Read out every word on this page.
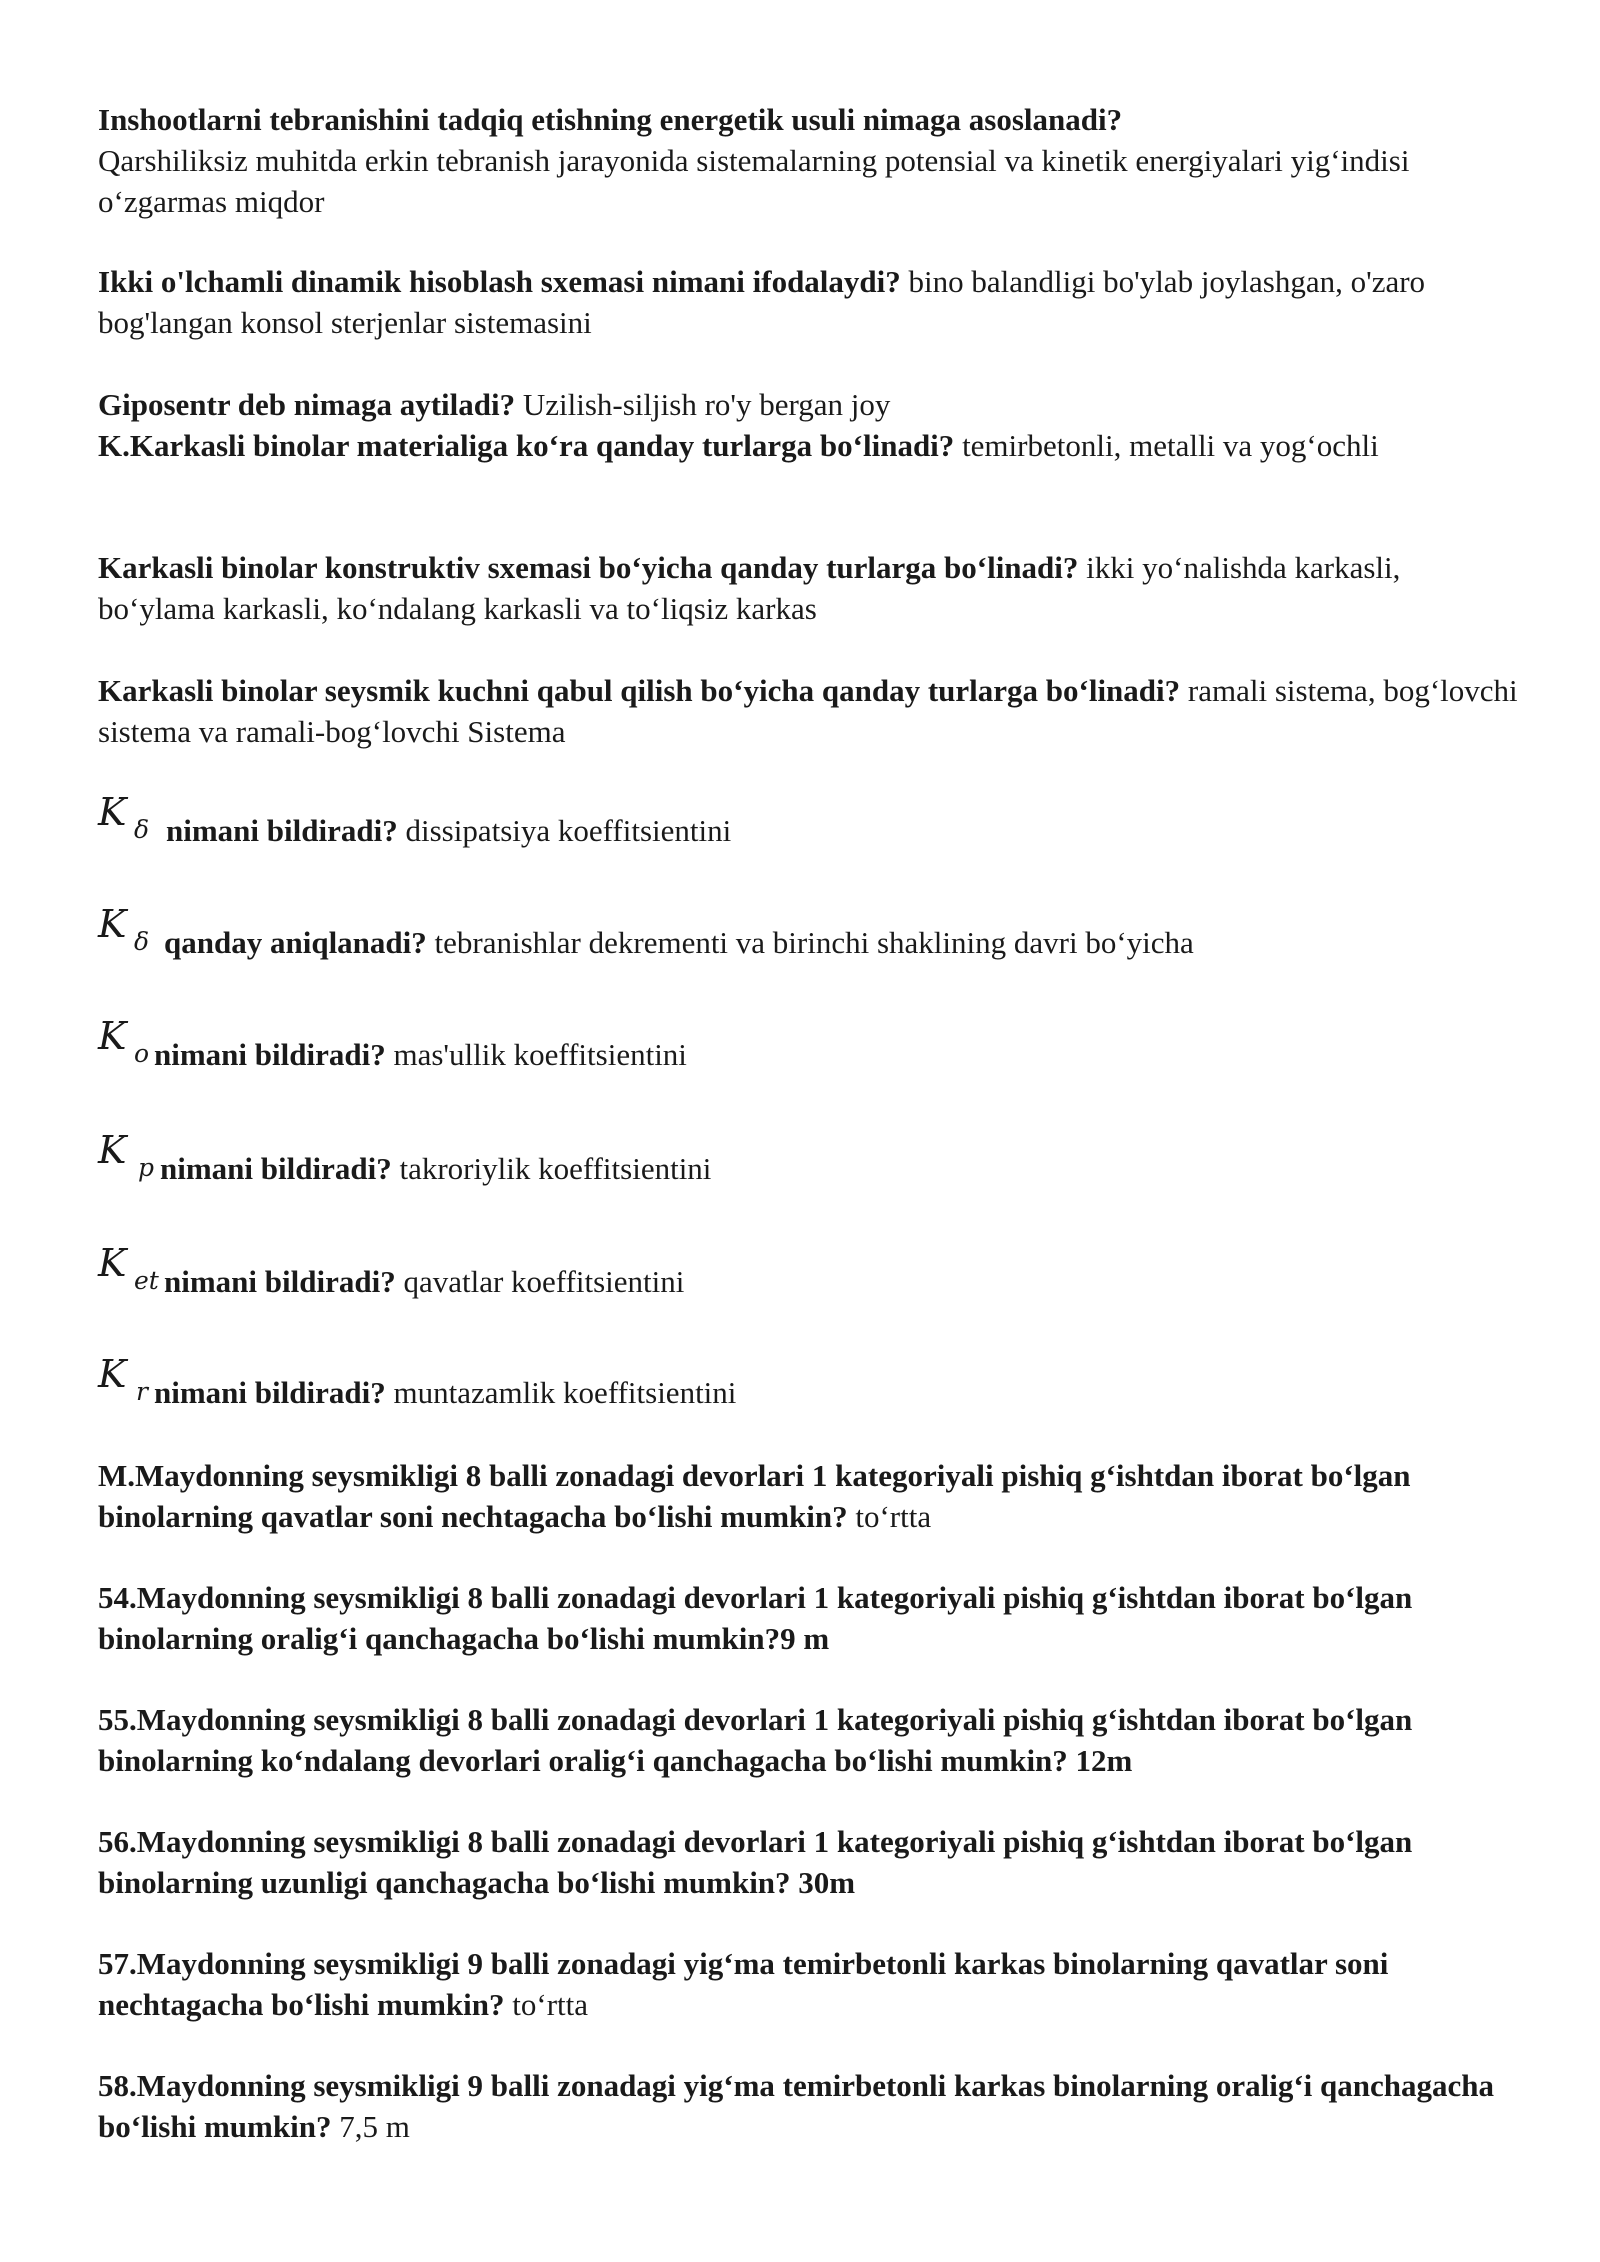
Inshootlarni tebranishini tadqiq etishning energetik usuli nimaga asoslanadi?
Qarshiliksiz muhitda erkin tebranish jarayonida sistemalarning potensial va kinetik energiyalari yig‘indisi o‘zgarmas miqdor
Ikki o'lchamli dinamik hisoblash sxemasi nimani ifodalaydi? bino balandligi bo'ylab joylashgan, o'zaro bog'langan konsol sterjenlar sistemasini
Giposentr deb nimaga aytiladi? Uzilish-siljish ro'y bergan joy
K.Karkasli binolar materialiga ko‘ra qanday turlarga bo‘linadi? temirbetonli, metalli va yog‘ochli
Karkasli binolar konstruktiv sxemasi bo‘yicha qanday turlarga bo‘linadi? ikki yo‘nalishda karkasli, bo‘ylama karkasli, ko‘ndalang karkasli va to‘liqsiz karkas
Karkasli binolar seysmik kuchni qabul qilish bo‘yicha qanday turlarga bo‘linadi? ramali sistema, bog‘lovchi sistema va ramali-bog‘lovchi Sistema
K δ nimani bildiradi? dissipatsiya koeffitsientini
K δ qanday aniqlanadi? tebranishlar dekrementi va birinchi shaklining davri bo‘yicha
K o nimani bildiradi? mas'ullik koeffitsientini
K p nimani bildiradi? takroriylik koeffitsientini
K et nimani bildiradi? qavatlar koeffitsientini
K r nimani bildiradi? muntazamlik koeffitsientini
M.Maydonning seysmikligi 8 balli zonadagi devorlari 1 kategoriyali pishiq g‘ishtdan iborat bo‘lgan binolarning qavatlar soni nechtagacha bo‘lishi mumkin? to‘rtta
54.Maydonning seysmikligi 8 balli zonadagi devorlari 1 kategoriyali pishiq g‘ishtdan iborat bo‘lgan binolarning oralig‘i qanchagacha bo‘lishi mumkin?9 m
55.Maydonning seysmikligi 8 balli zonadagi devorlari 1 kategoriyali pishiq g‘ishtdan iborat bo‘lgan binolarning ko‘ndalang devorlari oralig‘i qanchagacha bo‘lishi mumkin? 12m
56.Maydonning seysmikligi 8 balli zonadagi devorlari 1 kategoriyali pishiq g‘ishtdan iborat bo‘lgan binolarning uzunligi qanchagacha bo‘lishi mumkin? 30m
57.Maydonning seysmikligi 9 balli zonadagi yig‘ma temirbetonli karkas binolarning qavatlar soni nechtagacha bo‘lishi mumkin? to‘rtta
58.Maydonning seysmikligi 9 balli zonadagi yig‘ma temirbetonli karkas binolarning oralig‘i qanchagacha bo‘lishi mumkin? 7,5 m
